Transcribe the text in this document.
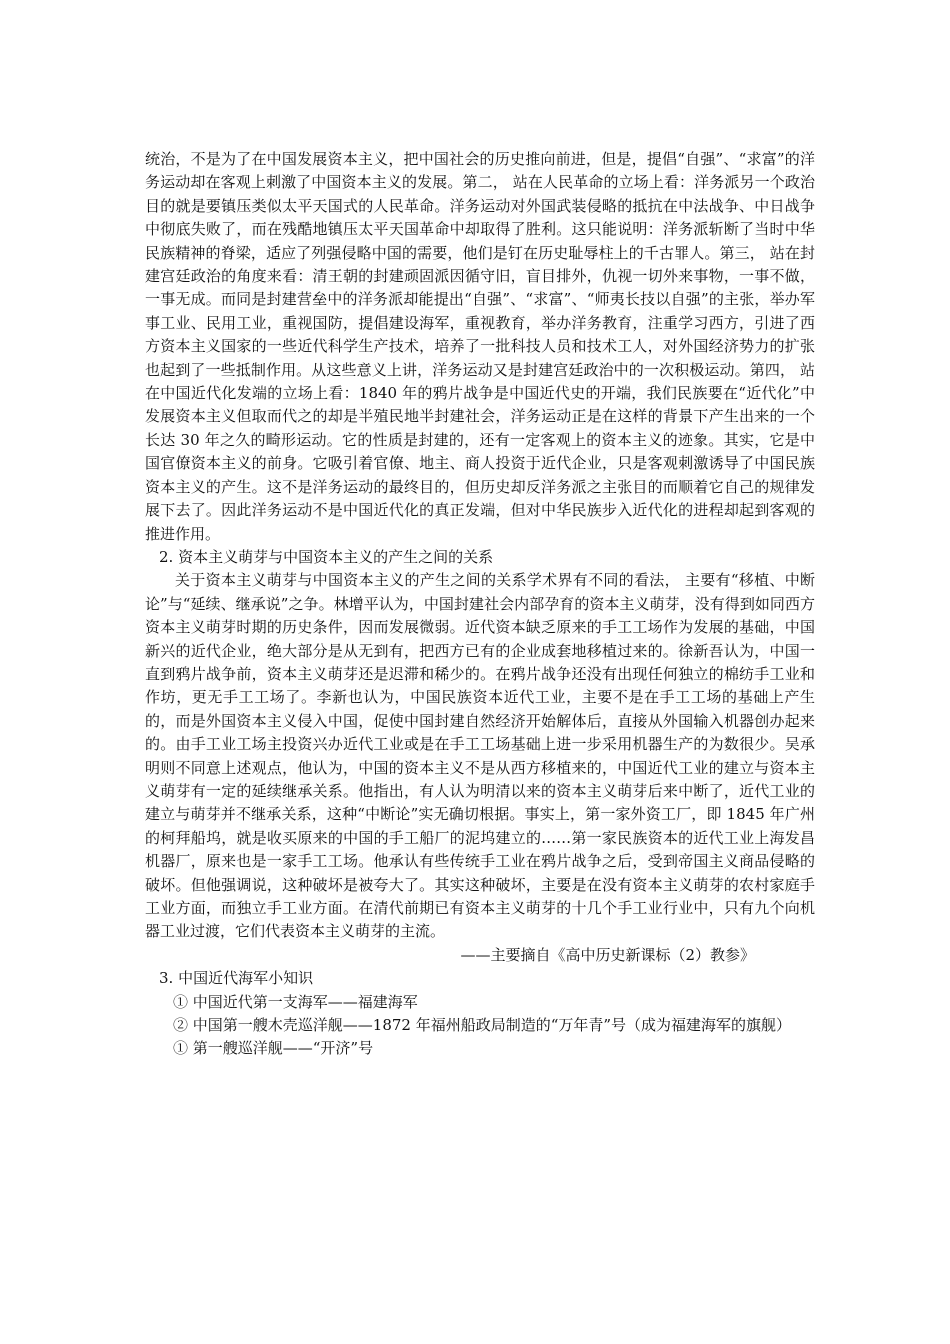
统治，不是为了在中国发展资本主义，把中国社会的历史推向前进，但是，提倡“自强”、“求富”的洋务运动却在客观上刺激了中国资本主义的发展。第二， 站在人民革命的立场上看：洋务派另一个政治目的就是要镇压类似太平天国式的人民革命。洋务运动对外国武装侵略的抵抗在中法战争、中日战争中彻底失败了，而在残酷地镇压太平天国革命中却取得了胜利。这只能说明：洋务派斩断了当时中华民族精神的脊梁，适应了列强侵略中国的需要，他们是钉在历史耻辱柱上的千古罪人。第三， 站在封建宫廷政治的角度来看：清王朝的封建顽固派因循守旧，盲目排外，仇视一切外来事物，一事不做，一事无成。而同是封建营垒中的洋务派却能提出“自强”、“求富”、“师夷长技以自强”的主张，举办军事工业、民用工业，重视国防，提倡建设海军，重视教育，举办洋务教育，注重学习西方，引进了西方资本主义国家的一些近代科学生产技术，培养了一批科技人员和技术工人，对外国经济势力的扩张也起到了一些抵制作用。从这些意义上讲，洋务运动又是封建宫廷政治中的一次积极运动。第四， 站在中国近代化发端的立场上看：1840 年的鸦片战争是中国近代史的开端，我们民族要在“近代化”中发展资本主义但取而代之的却是半殖民地半封建社会，洋务运动正是在这样的背景下产生出来的一个长达 30 年之久的畸形运动。它的性质是封建的，还有一定客观上的资本主义的迹象。其实，它是中国官僚资本主义的前身。它吸引着官僚、地主、商人投资于近代企业，只是客观刺激诱导了中国民族资本主义的产生。这不是洋务运动的最终目的，但历史却反洋务派之主张目的而顺着它自己的规律发展下去了。因此洋务运动不是中国近代化的真正发端，但对中华民族步入近代化的进程却起到客观的推进作用。

2. 资本主义萌芽与中国资本主义的产生之间的关系

关于资本主义萌芽与中国资本主义的产生之间的关系学术界有不同的看法， 主要有“移植、中断论”与“延续、继承说”之争。林增平认为，中国封建社会内部孕育的资本主义萌芽，没有得到如同西方资本主义萌芽时期的历史条件，因而发展微弱。近代资本缺乏原来的手工工场作为发展的基础，中国新兴的近代企业，绝大部分是从无到有，把西方已有的企业成套地移植过来的。徐新吾认为，中国一直到鸦片战争前，资本主义萌芽还是迟滞和稀少的。在鸦片战争还没有出现任何独立的棉纺手工业和作坊，更无手工工场了。李新也认为，中国民族资本近代工业，主要不是在手工工场的基础上产生的，而是外国资本主义侵入中国，促使中国封建自然经济开始解体后，直接从外国输入机器创办起来的。由手工业工场主投资兴办近代工业或是在手工工场基础上进一步采用机器生产的为数很少。吴承明则不同意上述观点，他认为，中国的资本主义不是从西方移植来的，中国近代工业的建立与资本主义萌芽有一定的延续继承关系。他指出，有人认为明清以来的资本主义萌芽后来中断了，近代工业的建立与萌芽并不继承关系，这种“中断论”实无确切根据。事实上，第一家外资工厂，即 1845 年广州的柯拜船坞，就是收买原来的中国的手工船厂的泥坞建立的……第一家民族资本的近代工业上海发昌机器厂，原来也是一家手工工场。他承认有些传统手工业在鸦片战争之后，受到帝国主义商品侵略的破坏。但他强调说，这种破坏是被夸大了。其实这种破坏，主要是在没有资本主义萌芽的农村家庭手工业方面，而独立手工业方面。在清代前期已有资本主义萌芽的十几个手工业行业中，只有九个向机器工业过渡，它们代表资本主义萌芽的主流。

——主要摘自《高中历史新课标（2）教参》

3. 中国近代海军小知识

① 中国近代第一支海军——福建海军

② 中国第一艘木壳巡洋舰——1872 年福州船政局制造的“万年青”号（成为福建海军的旗舰）

① 第一艘巡洋舰——“开济”号
